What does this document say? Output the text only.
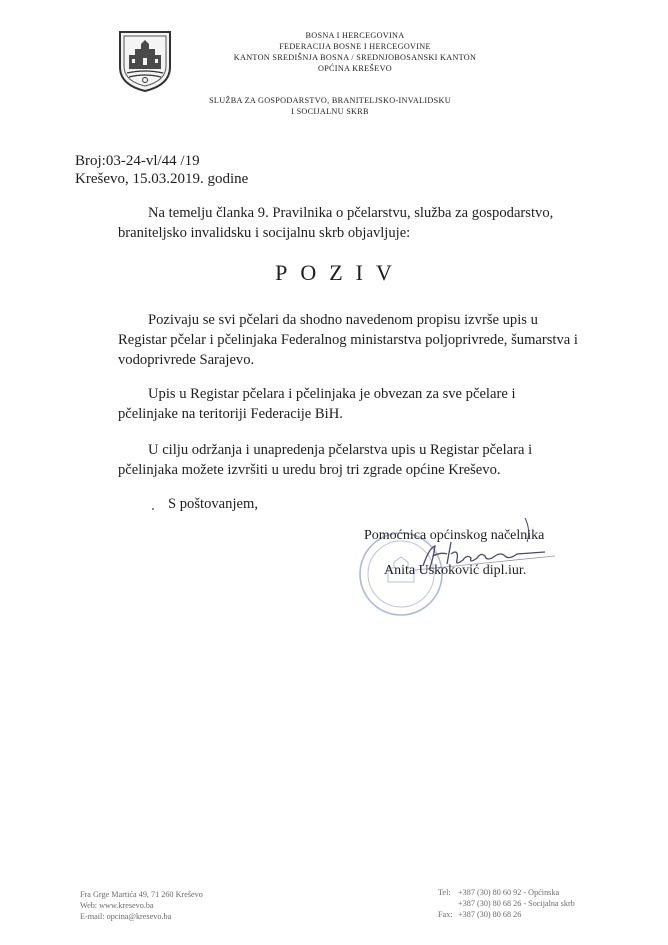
BOSNA I HERCEGOVINA
FEDERACIJA BOSNE I HERCEGOVINE
KANTON SREDIŠNJA BOSNA / SREDNJOBOSANSKI KANTON
OPĆINA KREŠEVO
SLUŽBA ZA GOSPODARSTVO, BRANITELJSKO-INVALIDSKU
I SOCIJALNU SKRB
Broj:03-24-vl/44 /19
Kreševo, 15.03.2019. godine
Na temelju članka 9. Pravilnika o pčelarstvu, služba za gospodarstvo,
braniteljsko invalidsku i socijalnu skrb objavljuje:
POZIV
Pozivaju se svi pčelari da shodno navedenom propisu izvrše upis u
Registar pčelar i pčelinjaka Federalnog ministarstva poljoprivrede, šumarstva i
vodoprivrede Sarajevo.
Upis u Registar pčelara i pčelinjaka je obvezan za sve pčelare i
pčelinjake na teritoriji Federacije BiH.
U cilju održanja i unapredenja pčelarstva upis u Registar pčelara i
pčelinjaka možete izvršiti u uredu broj tri zgrade općine Kreševo.
S poštovanjem,
Pomoćnica općinskog načelnika
Anita Uskoković dipl.iur.
Fra Grge Martića 49, 71 260 Kreševo
Web: www.kresevo.ba
E-mail: opcina@kresevo.ba
Tel: +387 (30) 80 60 92 - Općinska
+387 (30) 80 68 26 - Socijalna skrb
Fax: +387 (30) 80 68 26
